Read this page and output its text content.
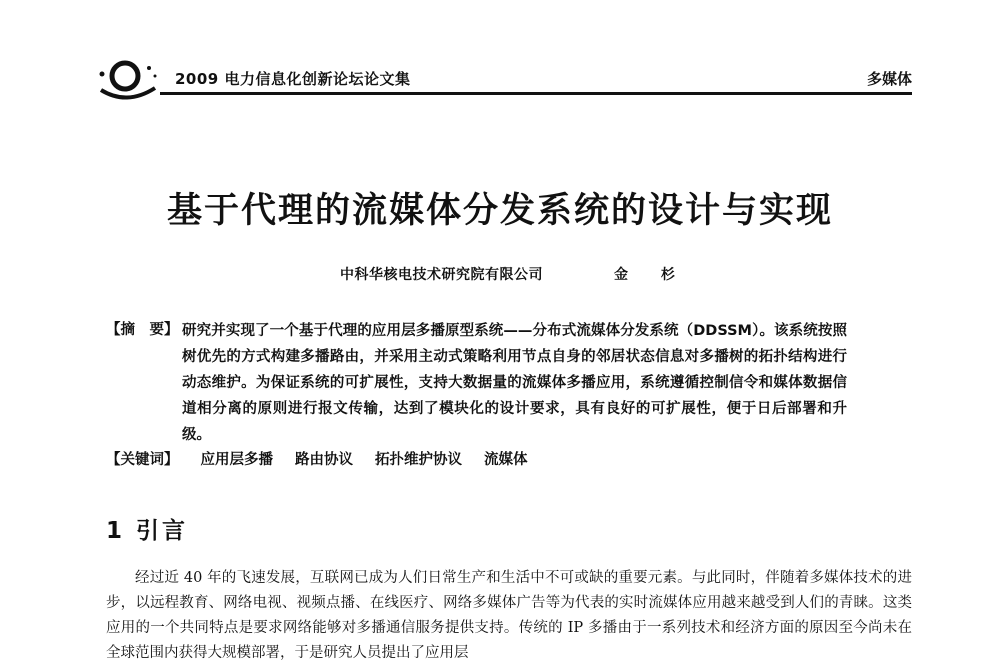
2009 电力信息化创新论坛论文集	多媒体
基于代理的流媒体分发系统的设计与实现
中科华核电技术研究院有限公司	金 杉
【摘　要】 研究并实现了一个基于代理的应用层多播原型系统——分布式流媒体分发系统（DDSSM）。该系统按照树优先的方式构建多播路由，并采用主动式策略利用节点自身的邻居状态信息对多播树的拓扑结构进行动态维护。为保证系统的可扩展性，支持大数据量的流媒体多播应用，系统遵循控制信令和媒体数据信道相分离的原则进行报文传输，达到了模块化的设计要求，具有良好的可扩展性，便于日后部署和升级。
【关键词】 应用层多播 路由协议 拓扑维护协议 流媒体
1 引言

经过近 40 年的飞速发展，互联网已成为人们日常生产和生活中不可或缺的重要元素。与此同时，伴随着多媒体技术的进步，以远程教育、网络电视、视频点播、在线医疗、网络多媒体广告等为代表的实时流媒体应用越来越受到人们的青睐。这类应用的一个共同特点是要求网络能够对多播通信服务提供支持。传统的 IP 多播由于一系列技术和经济方面的原因至今尚未在全球范围内获得大规模部署，于是研究人员提出了应用层
